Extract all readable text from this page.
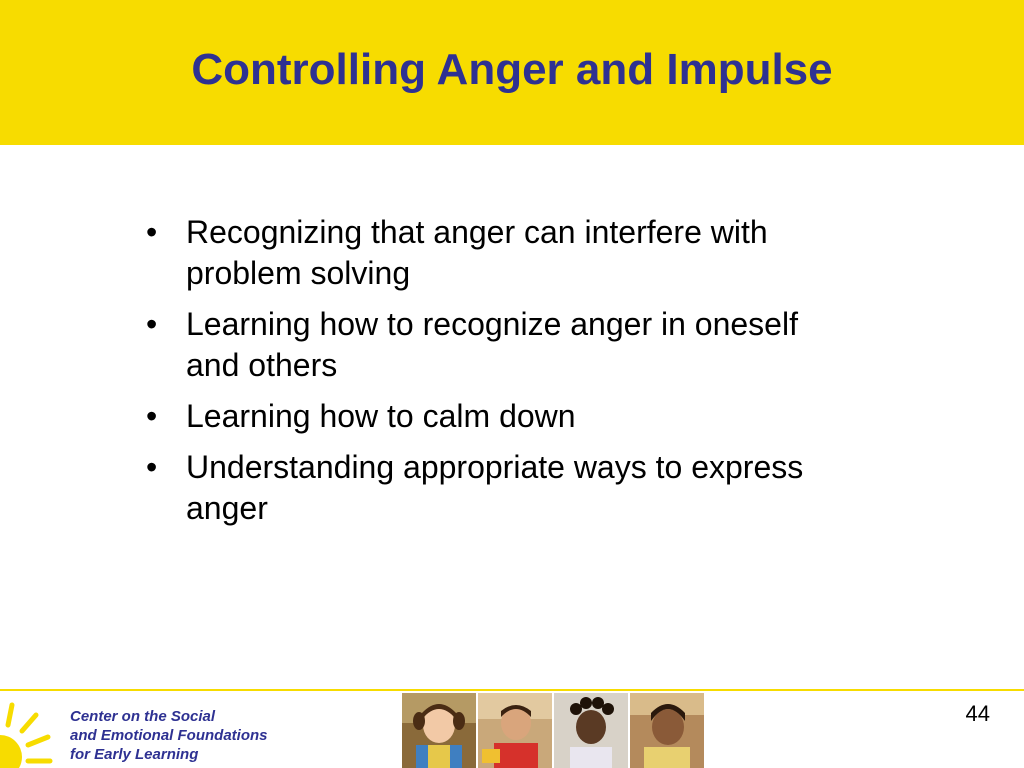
Controlling Anger and Impulse
• Recognizing that anger can interfere with problem solving
• Learning how to recognize anger in oneself and others
• Learning how to calm down
• Understanding appropriate ways to express anger
Center on the Social
and Emotional Foundations
for Early Learning
44
